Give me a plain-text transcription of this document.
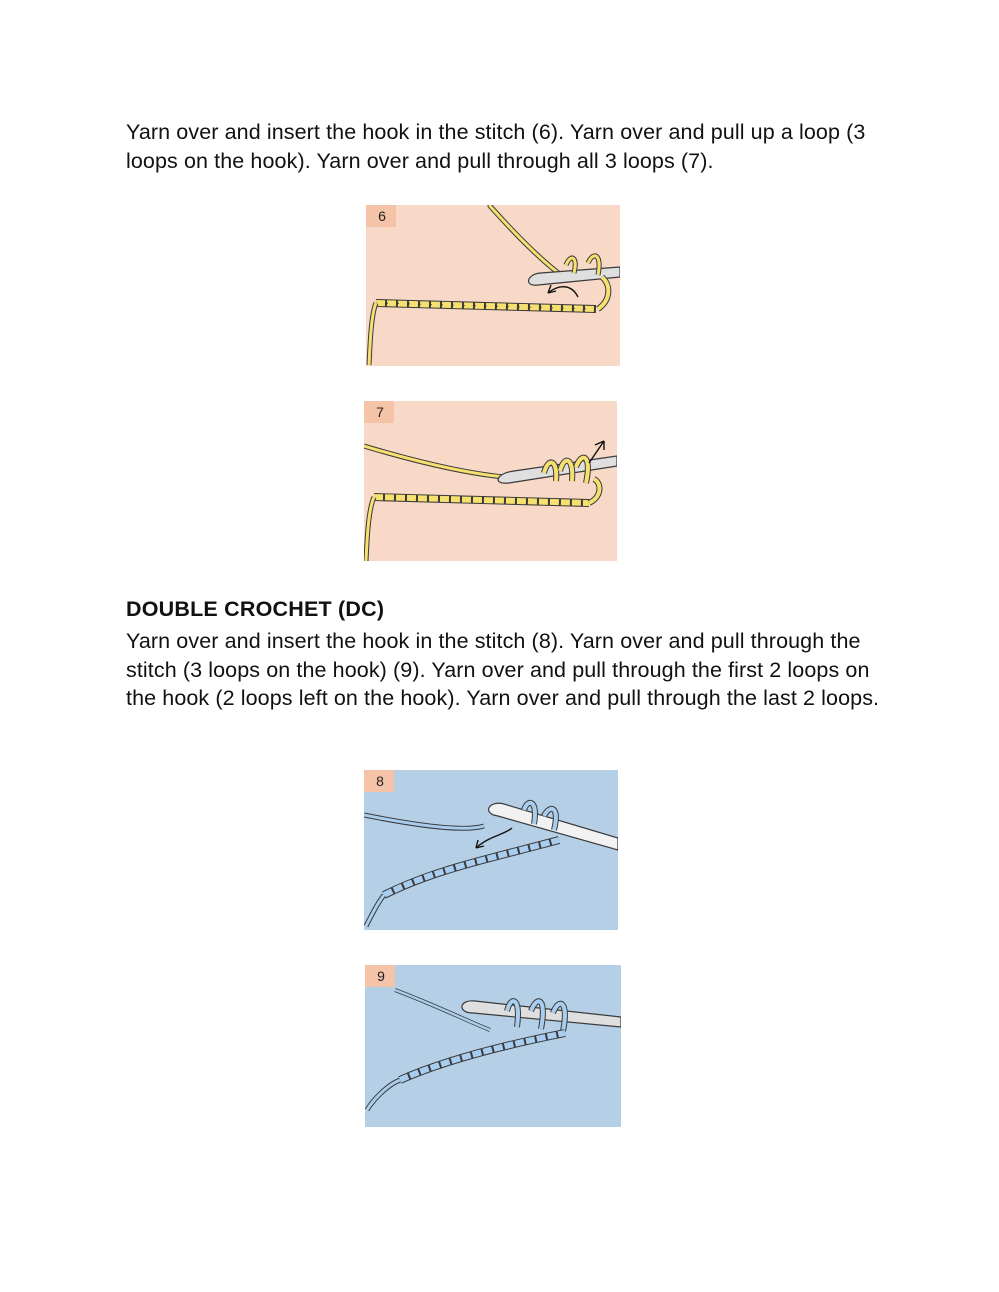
Yarn over and insert the hook in the stitch (6). Yarn over and pull up a loop (3 loops on the hook). Yarn over and pull through all 3 loops (7).

6
7
DOUBLE CROCHET (DC)

Yarn over and insert the hook in the stitch (8). Yarn over and pull through the stitch (3 loops on the hook) (9). Yarn over and pull through the first 2 loops on the hook (2 loops left on the hook). Yarn over and pull through the last 2 loops.

8
9
